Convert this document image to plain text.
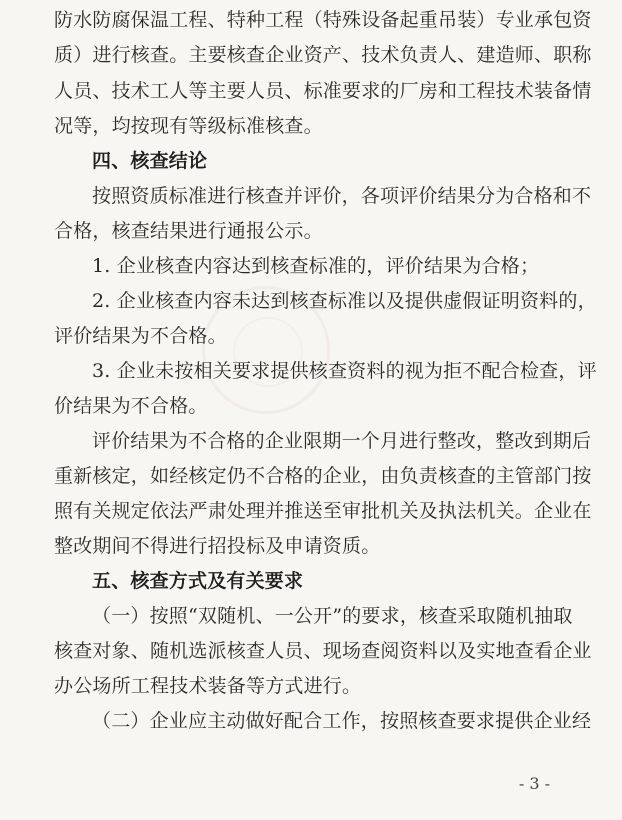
防水防腐保温工程、特种工程（特殊设备起重吊装）专业承包资
质）进行核查。主要核查企业资产、技术负责人、建造师、职称
人员、技术工人等主要人员、标准要求的厂房和工程技术装备情
况等，均按现有等级标准核查。
四、核查结论
按照资质标准进行核查并评价，各项评价结果分为合格和不
合格，核查结果进行通报公示。
1. 企业核查内容达到核查标准的，评价结果为合格；
2. 企业核查内容未达到核查标准以及提供虚假证明资料的，
评价结果为不合格。
3. 企业未按相关要求提供核查资料的视为拒不配合检查，评
价结果为不合格。
评价结果为不合格的企业限期一个月进行整改，整改到期后
重新核定，如经核定仍不合格的企业，由负责核查的主管部门按
照有关规定依法严肃处理并推送至审批机关及执法机关。企业在
整改期间不得进行招投标及申请资质。
五、核查方式及有关要求
（一）按照“双随机、一公开”的要求，核查采取随机抽取
核查对象、随机选派核查人员、现场查阅资料以及实地查看企业
办公场所工程技术装备等方式进行。
（二）企业应主动做好配合工作，按照核查要求提供企业经
- 3 -
